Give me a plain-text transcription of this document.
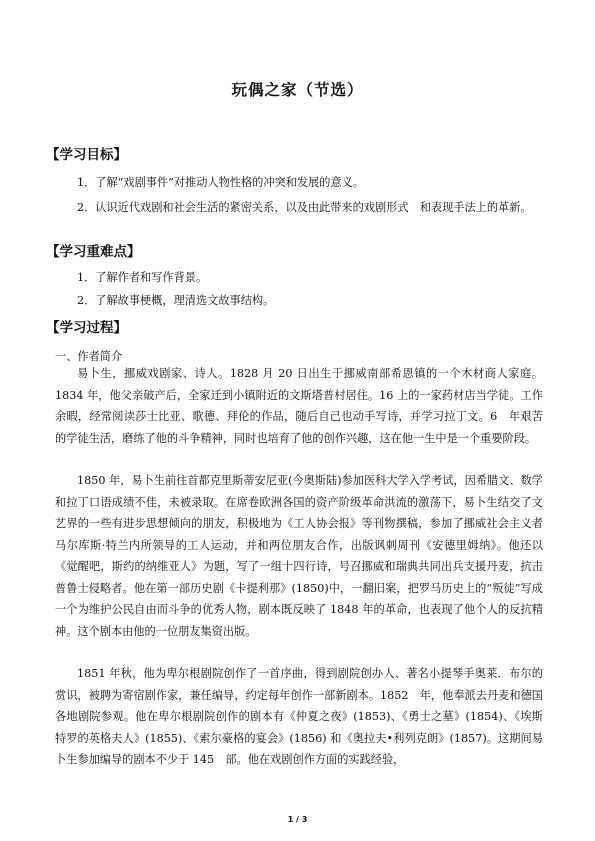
玩偶之家（节选）
【学习目标】
1．了解“戏剧事件”对推动人物性格的冲突和发展的意义。
2．认识近代戏剧和社会生活的紧密关系，以及由此带来的戏剧形式　和表现手法上的革新。
【学习重难点】
1．了解作者和写作背景。
2．了解故事梗概，理清选文故事结构。
【学习过程】
一、作者简介
易卜生，挪威戏剧家、诗人。1828 月 20 日出生于挪威南部希恩镇的一个木材商人家庭。1834 年，他父亲破产后，全家迁到小镇附近的文斯塔普村居住。16 上的一家药材店当学徒。工作余暇，经常阅读莎士比亚、歌德、拜伦的作品，随后自己也动手写诗，并学习拉丁文。6　年艰苦的学徒生活，磨练了他的斗争精神，同时也培育了他的创作兴趣，这在他一生中是一个重要阶段。
1850 年，易卜生前往首都克里斯蒂安尼亚(今奥斯陆)参加医科大学入学考试，因希腊文、数学和拉丁口语成绩不佳，未被录取。在席卷欧洲各国的资产阶级革命洪流的激荡下，易卜生结交了文艺界的一些有进步思想倾向的朋友，积极地为《工人协会报》等刊物撰稿，参加了挪威社会主义者马尔库斯·特兰内所领导的工人运动，并和两位朋友合作，出版讽刺周刊《安德里姆纳》。他还以《觉醒吧，斯约的纳维亚人》为题，写了一组十四行诗，号召挪威和瑞典共同出兵支援丹麦，抗击普鲁士侵略者。他在第一部历史剧《卡提利那》(1850)中，一翻旧案，把罗马历史上的“叛徒”写成一个为维护公民自由而斗争的优秀人物，剧本既反映了 1848 年的革命，也表现了他个人的反抗精神。这个剧本由他的一位朋友集资出版。
1851 年秋，他为卑尔根剧院创作了一首序曲，得到剧院创办人、著名小提琴手奥莱．布尔的赏识，被聘为寄宿剧作家，兼任编导，约定每年创作一部新剧本。1852　年，他奉派去丹麦和德国各地剧院参观。他在卑尔根剧院创作的剧本有《仲夏之夜》(1853)、《勇士之墓》(1854)、《埃斯特罗的英格夫人》(1855)、《索尔豪格的宴会》(1856) 和《奥拉夫•利列克朗》(1857)。这期间易卜生参加编导的剧本不少于 145　部。他在戏剧创作方面的实践经验，
1 / 3
